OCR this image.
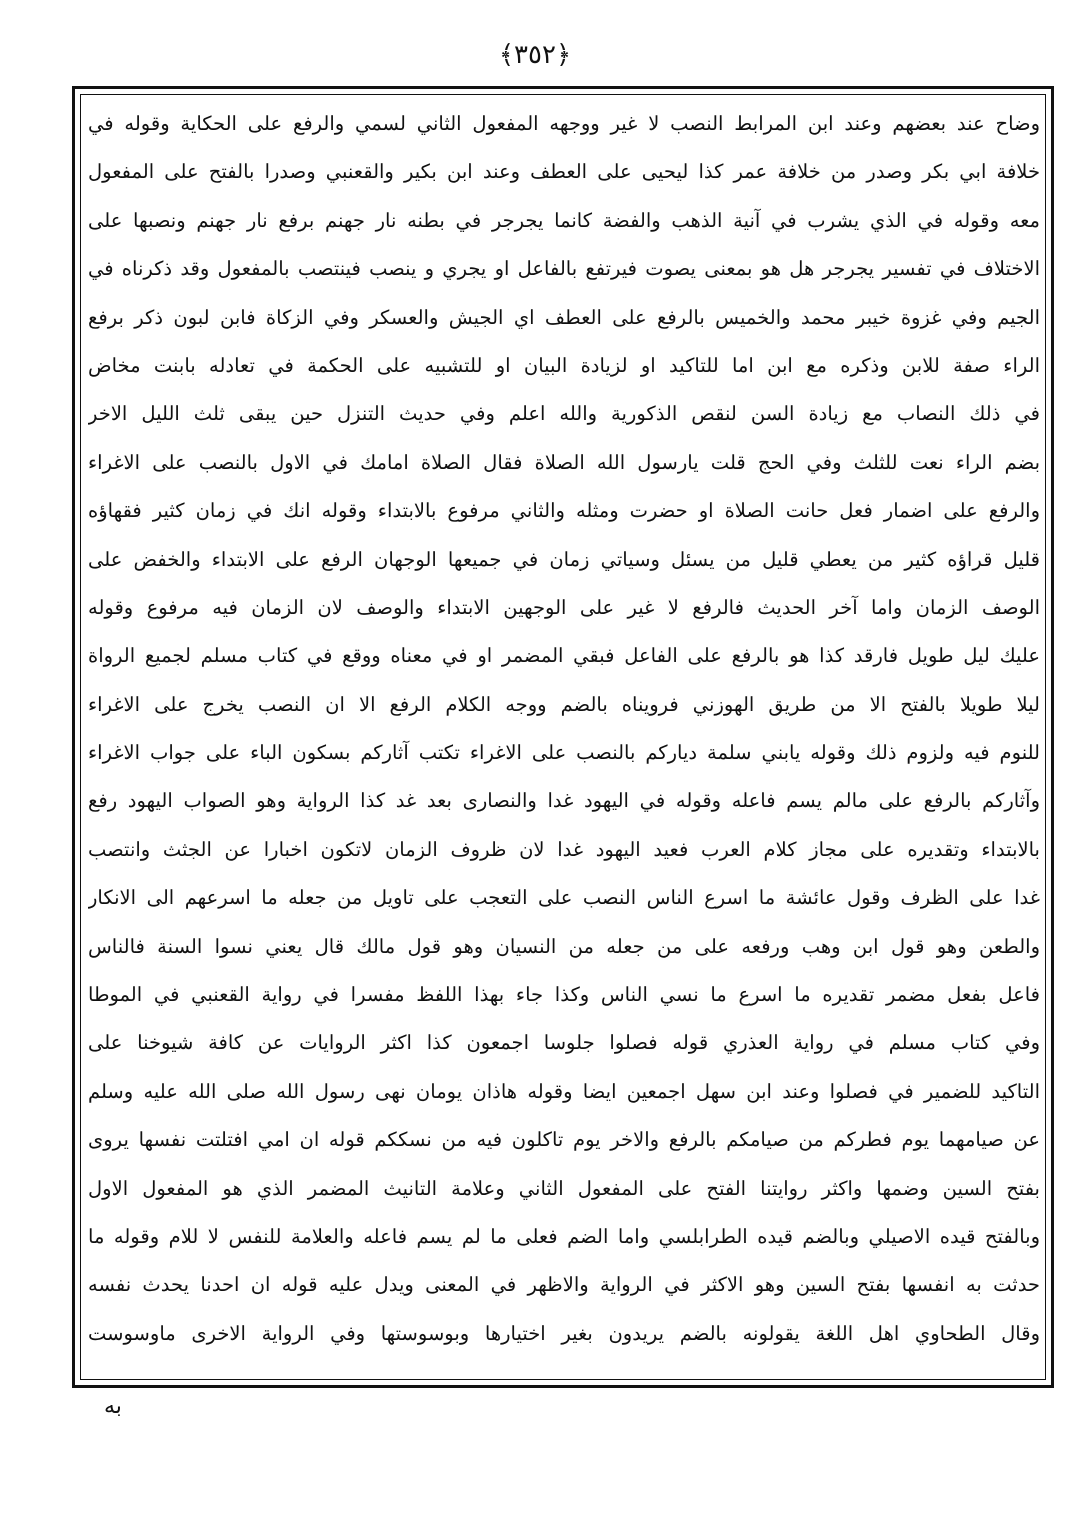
﴿٣٥٢﴾
وضاح عند بعضهم وعند ابن المرابط النصب لا غير ووجهه المفعول الثاني لسمي والرفع على الحكاية وقوله في
خلافة ابي بكر وصدر من خلافة عمر كذا ليحيى على العطف وعند ابن بكير والقعنبي وصدرا بالفتح على المفعول
معه وقوله في الذي يشرب في آنية الذهب والفضة كانما يجرجر في بطنه نار جهنم برفع نار جهنم ونصبها على
الاختلاف في تفسير يجرجر هل هو بمعنى يصوت فيرتفع بالفاعل او يجري و ينصب فينتصب بالمفعول وقد ذكرناه في
الجيم وفي غزوة خيبر محمد والخميس بالرفع على العطف اي الجيش والعسكر وفي الزكاة فابن لبون ذكر برفع
الراء صفة للابن وذكره مع ابن اما للتاكيد او لزيادة البيان او للتشبيه على الحكمة في تعادله بابنت مخاض
في ذلك النصاب مع زيادة السن لنقص الذكورية والله اعلم وفي حديث التنزل حين يبقى ثلث الليل الاخر
بضم الراء نعت للثلث وفي الحج قلت يارسول الله الصلاة فقال الصلاة امامك في الاول بالنصب على الاغراء
والرفع على اضمار فعل حانت الصلاة او حضرت ومثله والثاني مرفوع بالابتداء وقوله انك في زمان كثير فقهاؤه
قليل قراؤه كثير من يعطي قليل من يسئل وسياتي زمان في جميعها الوجهان الرفع على الابتداء والخفض على
الوصف الزمان واما آخر الحديث فالرفع لا غير على الوجهين الابتداء والوصف لان الزمان فيه مرفوع وقوله
عليك ليل طويل فارقد كذا هو بالرفع على الفاعل فبقي المضمر او في معناه ووقع في كتاب مسلم لجميع الرواة
ليلا طويلا بالفتح الا من طريق الهوزني فرويناه بالضم ووجه الكلام الرفع الا ان النصب يخرج على الاغراء
للنوم فيه ولزوم ذلك وقوله يابني سلمة دياركم بالنصب على الاغراء تكتب آثاركم بسكون الباء على جواب الاغراء
وآثاركم بالرفع على مالم يسم فاعله وقوله في اليهود غدا والنصارى بعد غد كذا الرواية وهو الصواب اليهود رفع
بالابتداء وتقديره على مجاز كلام العرب فعيد اليهود غدا لان ظروف الزمان لاتكون اخبارا عن الجثث وانتصب
غدا على الظرف وقول عائشة ما اسرع الناس النصب على التعجب على تاويل من جعله ما اسرعهم الى الانكار
والطعن وهو قول ابن وهب ورفعه على من جعله من النسيان وهو قول مالك قال يعني نسوا السنة فالناس
فاعل بفعل مضمر تقديره ما اسرع ما نسي الناس وكذا جاء بهذا اللفظ مفسرا في رواية القعنبي في الموطا
وفي كتاب مسلم في رواية العذري قوله فصلوا جلوسا اجمعون كذا اكثر الروايات عن كافة شيوخنا على
التاكيد للضمير في فصلوا وعند ابن سهل اجمعين ايضا وقوله هاذان يومان نهى رسول الله صلى الله عليه وسلم
عن صيامهما يوم فطركم من صيامكم بالرفع والاخر يوم تاكلون فيه من نسككم قوله ان امي افتلتت نفسها يروى
بفتح السين وضمها واكثر روايتنا الفتح على المفعول الثاني وعلامة التانيث المضمر الذي هو المفعول الاول
وبالفتح قيده الاصيلي وبالضم قيده الطرابلسي واما الضم فعلى ما لم يسم فاعله والعلامة للنفس لا للام وقوله ما
حدثت به انفسها بفتح السين وهو الاكثر في الرواية والاظهر في المعنى ويدل عليه قوله ان احدنا يحدث نفسه
وقال الطحاوي اهل اللغة يقولونه بالضم يريدون بغير اختيارها وبوسوستها وفي الرواية الاخرى ماوسوست
به
